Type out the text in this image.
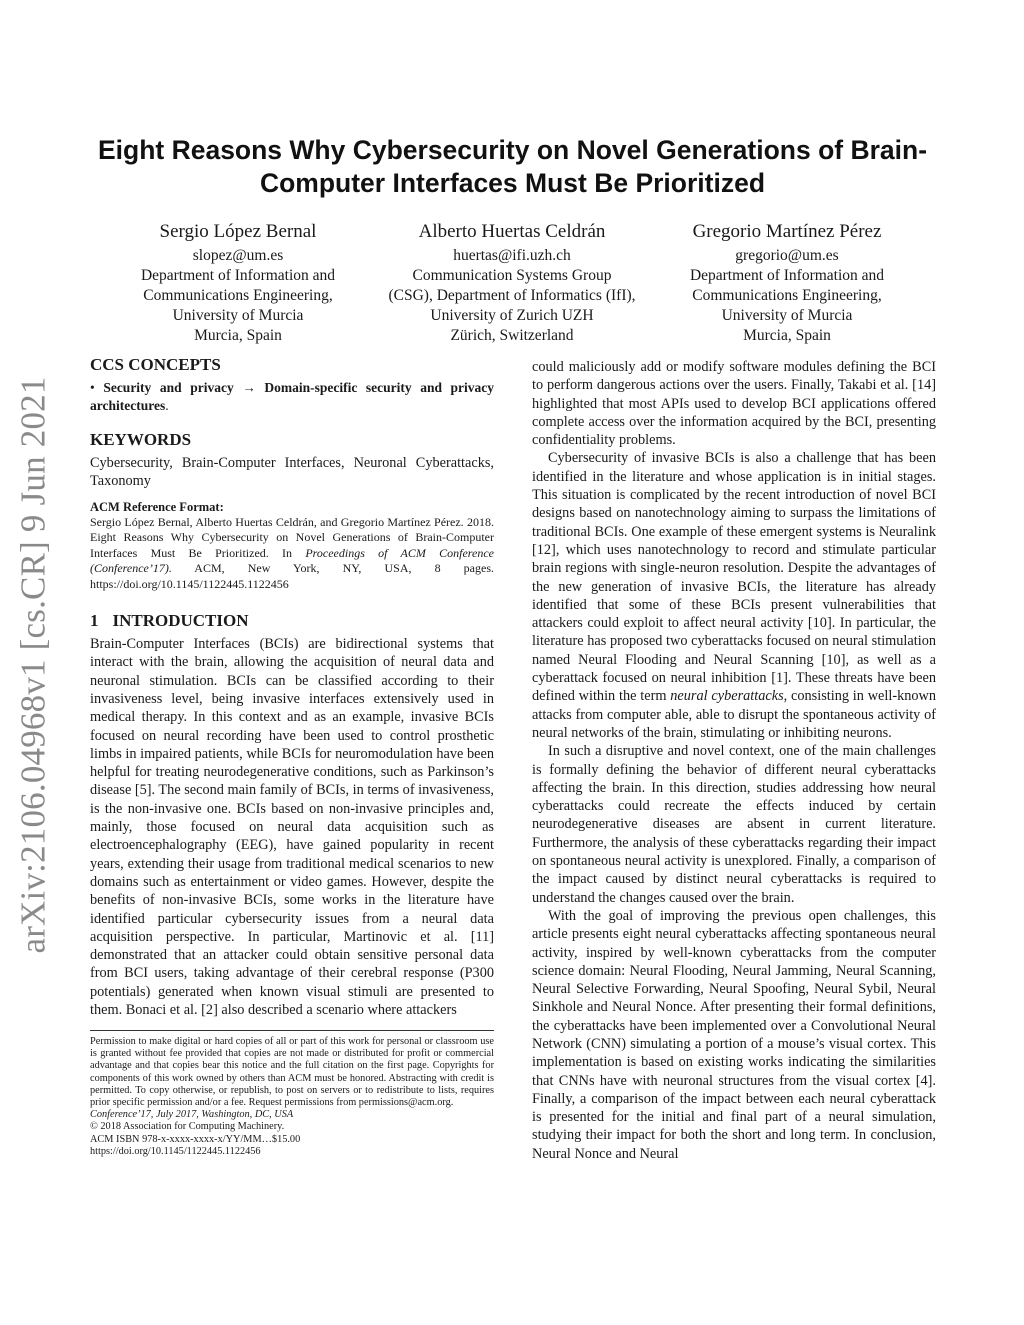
arXiv:2106.04968v1 [cs.CR] 9 Jun 2021
Eight Reasons Why Cybersecurity on Novel Generations of Brain-Computer Interfaces Must Be Prioritized
Sergio López Bernal
slopez@um.es
Department of Information and
Communications Engineering,
University of Murcia
Murcia, Spain
Alberto Huertas Celdrán
huertas@ifi.uzh.ch
Communication Systems Group
(CSG), Department of Informatics (IfI),
University of Zurich UZH
Zürich, Switzerland
Gregorio Martínez Pérez
gregorio@um.es
Department of Information and
Communications Engineering,
University of Murcia
Murcia, Spain
CCS CONCEPTS

• Security and privacy → Domain-specific security and privacy architectures.

KEYWORDS

Cybersecurity, Brain-Computer Interfaces, Neuronal Cyberattacks, Taxonomy

ACM Reference Format:

Sergio López Bernal, Alberto Huertas Celdrán, and Gregorio Martínez Pérez. 2018. Eight Reasons Why Cybersecurity on Novel Generations of Brain-Computer Interfaces Must Be Prioritized. In Proceedings of ACM Conference (Conference’17). ACM, New York, NY, USA, 8 pages. https://doi.org/10.1145/1122445.1122456

1 INTRODUCTION

Brain-Computer Interfaces (BCIs) are bidirectional systems that interact with the brain, allowing the acquisition of neural data and neuronal stimulation. BCIs can be classified according to their invasiveness level, being invasive interfaces extensively used in medical therapy. In this context and as an example, invasive BCIs focused on neural recording have been used to control prosthetic limbs in impaired patients, while BCIs for neuromodulation have been helpful for treating neurodegenerative conditions, such as Parkinson’s disease [5]. The second main family of BCIs, in terms of invasiveness, is the non-invasive one. BCIs based on non-invasive principles and, mainly, those focused on neural data acquisition such as electroencephalography (EEG), have gained popularity in recent years, extending their usage from traditional medical scenarios to new domains such as entertainment or video games. However, despite the benefits of non-invasive BCIs, some works in the literature have identified particular cybersecurity issues from a neural data acquisition perspective. In particular, Martinovic et al. [11] demonstrated that an attacker could obtain sensitive personal data from BCI users, taking advantage of their cerebral response (P300 potentials) generated when known visual stimuli are presented to them. Bonaci et al. [2] also described a scenario where attackers

Permission to make digital or hard copies of all or part of this work for personal or classroom use is granted without fee provided that copies are not made or distributed for profit or commercial advantage and that copies bear this notice and the full citation on the first page. Copyrights for components of this work owned by others than ACM must be honored. Abstracting with credit is permitted. To copy otherwise, or republish, to post on servers or to redistribute to lists, requires prior specific permission and/or a fee. Request permissions from permissions@acm.org.

Conference’17, July 2017, Washington, DC, USA
© 2018 Association for Computing Machinery.
ACM ISBN 978-x-xxxx-xxxx-x/YY/MM…$15.00
https://doi.org/10.1145/1122445.1122456

could maliciously add or modify software modules defining the BCI to perform dangerous actions over the users. Finally, Takabi et al. [14] highlighted that most APIs used to develop BCI applications offered complete access over the information acquired by the BCI, presenting confidentiality problems.

Cybersecurity of invasive BCIs is also a challenge that has been identified in the literature and whose application is in initial stages. This situation is complicated by the recent introduction of novel BCI designs based on nanotechnology aiming to surpass the limitations of traditional BCIs. One example of these emergent systems is Neuralink [12], which uses nanotechnology to record and stimulate particular brain regions with single-neuron resolution. Despite the advantages of the new generation of invasive BCIs, the literature has already identified that some of these BCIs present vulnerabilities that attackers could exploit to affect neural activity [10]. In particular, the literature has proposed two cyberattacks focused on neural stimulation named Neural Flooding and Neural Scanning [10], as well as a cyberattack focused on neural inhibition [1]. These threats have been defined within the term neural cyberattacks, consisting in well-known attacks from computer able, able to disrupt the spontaneous activity of neural networks of the brain, stimulating or inhibiting neurons.

In such a disruptive and novel context, one of the main challenges is formally defining the behavior of different neural cyberattacks affecting the brain. In this direction, studies addressing how neural cyberattacks could recreate the effects induced by certain neurodegenerative diseases are absent in current literature. Furthermore, the analysis of these cyberattacks regarding their impact on spontaneous neural activity is unexplored. Finally, a comparison of the impact caused by distinct neural cyberattacks is required to understand the changes caused over the brain.

With the goal of improving the previous open challenges, this article presents eight neural cyberattacks affecting spontaneous neural activity, inspired by well-known cyberattacks from the computer science domain: Neural Flooding, Neural Jamming, Neural Scanning, Neural Selective Forwarding, Neural Spoofing, Neural Sybil, Neural Sinkhole and Neural Nonce. After presenting their formal definitions, the cyberattacks have been implemented over a Convolutional Neural Network (CNN) simulating a portion of a mouse’s visual cortex. This implementation is based on existing works indicating the similarities that CNNs have with neuronal structures from the visual cortex [4]. Finally, a comparison of the impact between each neural cyberattack is presented for the initial and final part of a neural simulation, studying their impact for both the short and long term. In conclusion, Neural Nonce and Neural
